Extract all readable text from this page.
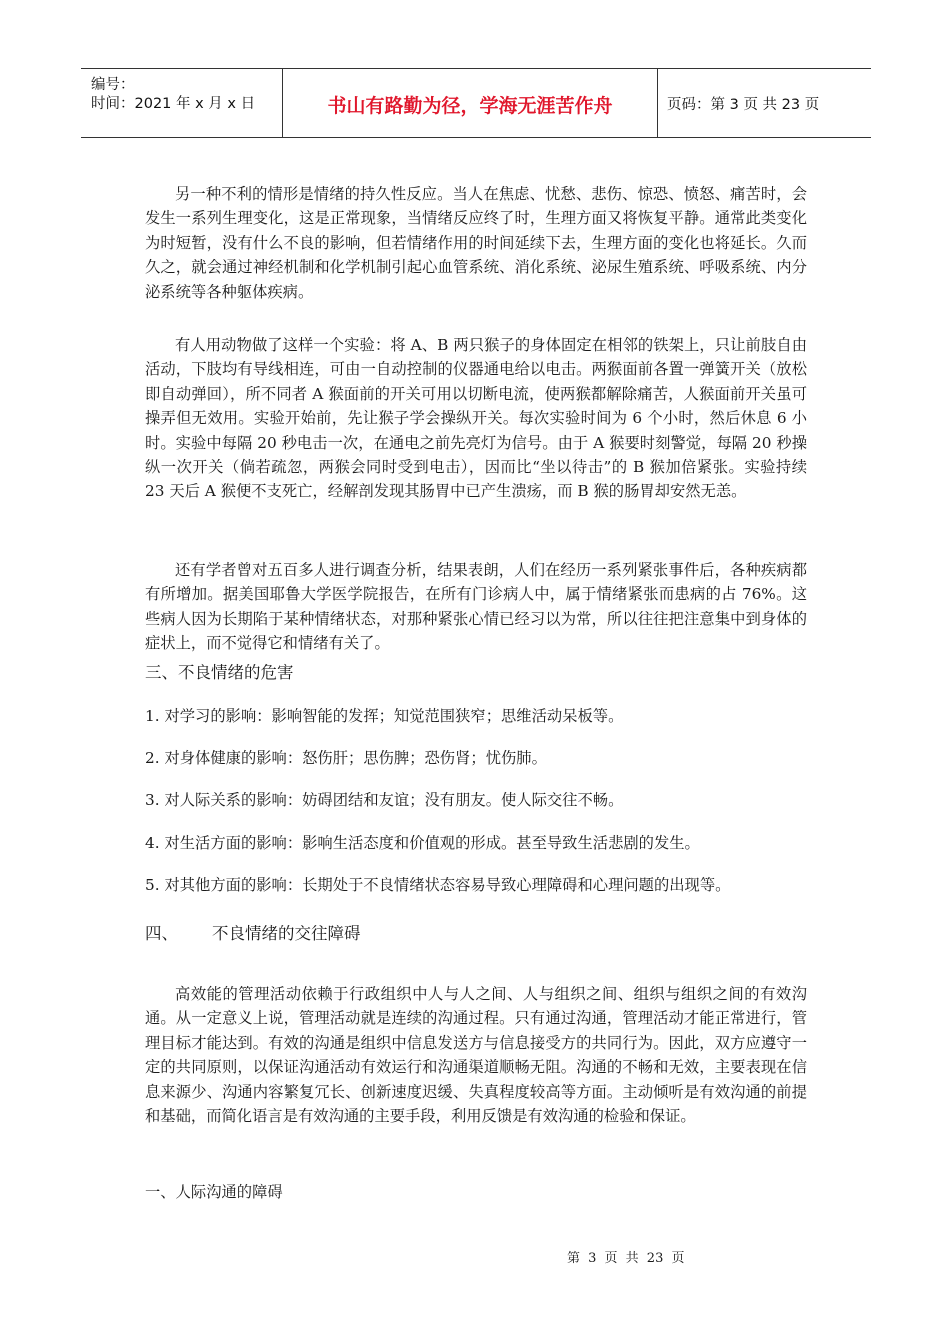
编号：
时间：2021 年 x 月 x 日	书山有路勤为径，学海无涯苦作舟	页码：第 3 页 共 23 页

另一种不利的情形是情绪的持久性反应。当人在焦虑、忧愁、悲伤、惊恐、愤怒、痛苦时，会发生一系列生理变化，这是正常现象，当情绪反应终了时，生理方面又将恢复平静。通常此类变化为时短暂，没有什么不良的影响，但若情绪作用的时间延续下去，生理方面的变化也将延长。久而久之，就会通过神经机制和化学机制引起心血管系统、消化系统、泌尿生殖系统、呼吸系统、内分泌系统等各种躯体疾病。

有人用动物做了这样一个实验：将 A、B 两只猴子的身体固定在相邻的铁架上，只让前肢自由活动，下肢均有导线相连，可由一自动控制的仪器通电给以电击。两猴面前各置一弹簧开关（放松即自动弹回），所不同者 A 猴面前的开关可用以切断电流，使两猴都解除痛苦，人猴面前开关虽可操弄但无效用。实验开始前，先让猴子学会操纵开关。每次实验时间为 6 个小时，然后休息 6 小时。实验中每隔 20 秒电击一次，在通电之前先亮灯为信号。由于 A 猴要时刻警觉，每隔 20 秒操纵一次开关（倘若疏忽，两猴会同时受到电击），因而比“坐以待击”的 B 猴加倍紧张。实验持续 23 天后 A 猴便不支死亡，经解剖发现其肠胃中已产生溃疡，而 B 猴的肠胃却安然无恙。

还有学者曾对五百多人进行调查分析，结果表朗，人们在经历一系列紧张事件后，各种疾病都有所增加。据美国耶鲁大学医学院报告，在所有门诊病人中，属于情绪紧张而患病的占 76%。这些病人因为长期陷于某种情绪状态，对那种紧张心情已经习以为常，所以往往把注意集中到身体的症状上，而不觉得它和情绪有关了。

三、不良情绪的危害

1. 对学习的影响：影响智能的发挥；知觉范围狭窄；思维活动呆板等。

2. 对身体健康的影响：怒伤肝；思伤脾；恐伤肾；忧伤肺。

3. 对人际关系的影响：妨碍团结和友谊；没有朋友。使人际交往不畅。

4. 对生活方面的影响：影响生活态度和价值观的形成。甚至导致生活悲剧的发生。

5. 对其他方面的影响：长期处于不良情绪状态容易导致心理障碍和心理问题的出现等。

四、 不良情绪的交往障碍

高效能的管理活动依赖于行政组织中人与人之间、人与组织之间、组织与组织之间的有效沟通。从一定意义上说，管理活动就是连续的沟通过程。只有通过沟通，管理活动才能正常进行，管理目标才能达到。有效的沟通是组织中信息发送方与信息接受方的共同行为。因此，双方应遵守一定的共同原则，以保证沟通活动有效运行和沟通渠道顺畅无阻。沟通的不畅和无效，主要表现在信息来源少、沟通内容繁复冗长、创新速度迟缓、失真程度较高等方面。主动倾听是有效沟通的前提和基础，而简化语言是有效沟通的主要手段，利用反馈是有效沟通的检验和保证。

一、人际沟通的障碍

第 3 页 共 23 页
